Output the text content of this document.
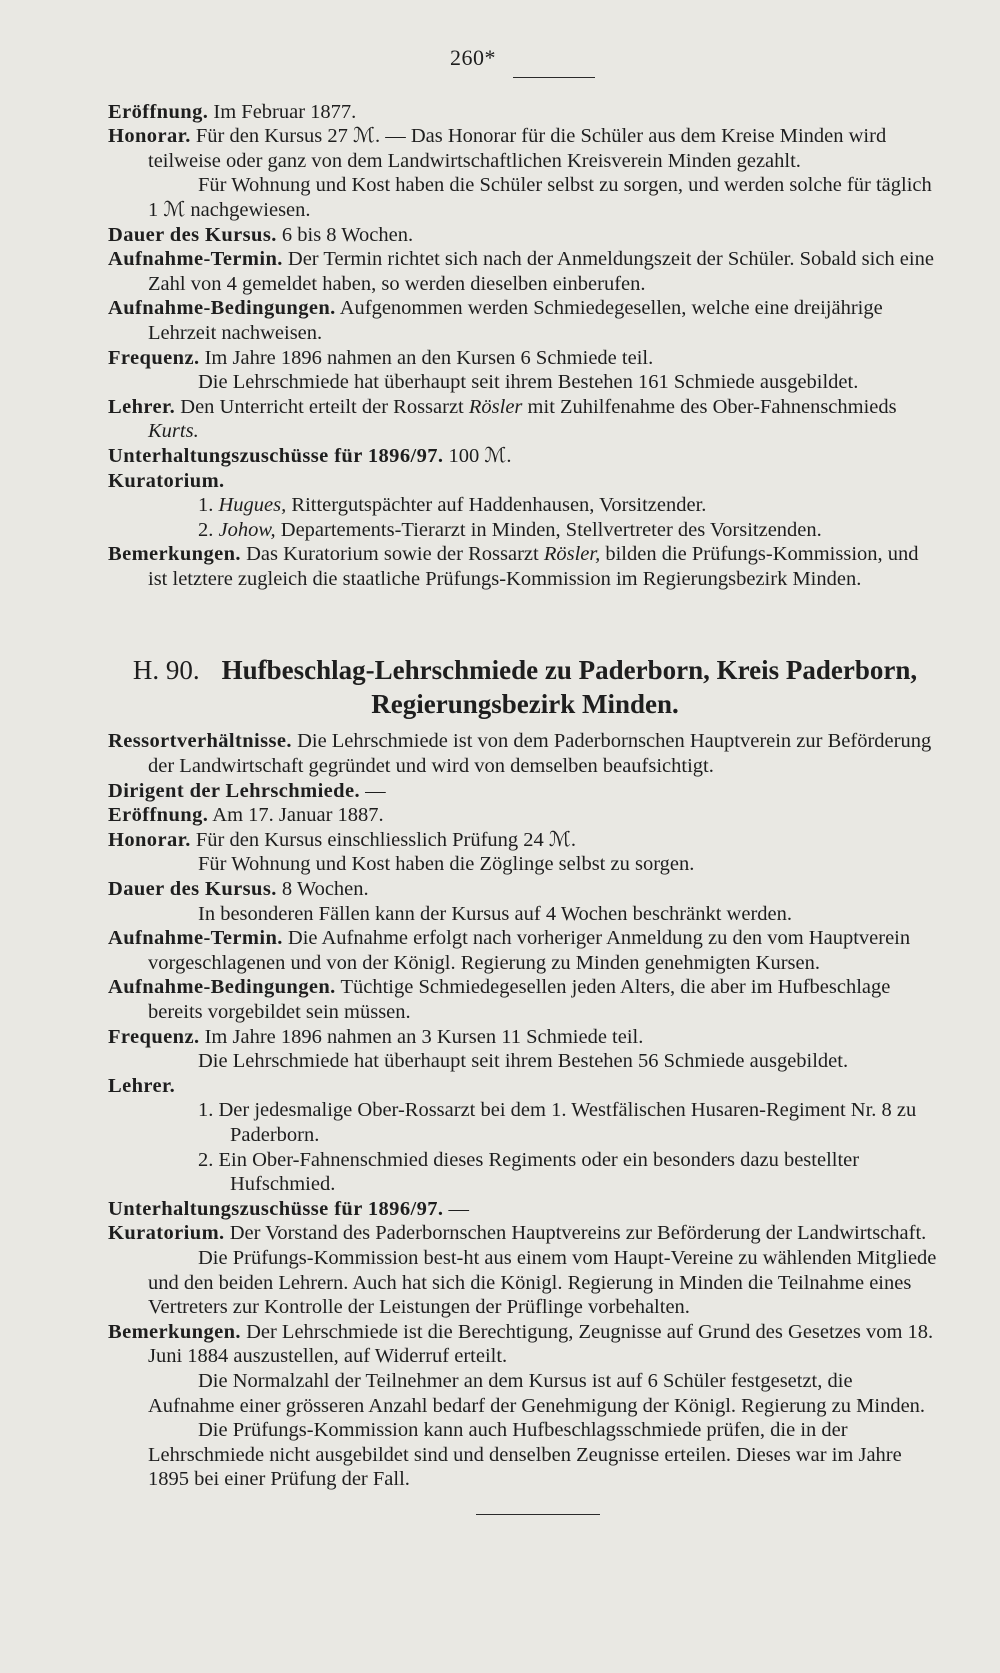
260*

Eröffnung. Im Februar 1877.

Honorar. Für den Kursus 27 ℳ. — Das Honorar für die Schüler aus dem Kreise Minden wird teilweise oder ganz von dem Landwirtschaftlichen Kreisverein Minden gezahlt.

Für Wohnung und Kost haben die Schüler selbst zu sorgen, und werden solche für täglich 1 ℳ nachgewiesen.

Dauer des Kursus. 6 bis 8 Wochen.

Aufnahme-Termin. Der Termin richtet sich nach der Anmeldungszeit der Schüler. Sobald sich eine Zahl von 4 gemeldet haben, so werden dieselben einberufen.

Aufnahme-Bedingungen. Aufgenommen werden Schmiedegesellen, welche eine dreijährige Lehrzeit nachweisen.

Frequenz. Im Jahre 1896 nahmen an den Kursen 6 Schmiede teil.

Die Lehrschmiede hat überhaupt seit ihrem Bestehen 161 Schmiede ausgebildet.

Lehrer. Den Unterricht erteilt der Rossarzt Rösler mit Zuhilfenahme des Ober-Fahnenschmieds Kurts.

Unterhaltungszuschüsse für 1896/97. 100 ℳ.

Kuratorium.

1. Hugues, Rittergutspächter auf Haddenhausen, Vorsitzender.

2. Johow, Departements-Tierarzt in Minden, Stellvertreter des Vorsitzenden.

Bemerkungen. Das Kuratorium sowie der Rossarzt Rösler, bilden die Prüfungs-Kommission, und ist letztere zugleich die staatliche Prüfungs-Kommission im Regierungsbezirk Minden.

H. 90. Hufbeschlag-Lehrschmiede zu Paderborn, Kreis Paderborn, Regierungsbezirk Minden.

Ressortverhältnisse. Die Lehrschmiede ist von dem Paderbornschen Hauptverein zur Beförderung der Landwirtschaft gegründet und wird von demselben beaufsichtigt.

Dirigent der Lehrschmiede. —

Eröffnung. Am 17. Januar 1887.

Honorar. Für den Kursus einschliesslich Prüfung 24 ℳ.

Für Wohnung und Kost haben die Zöglinge selbst zu sorgen.

Dauer des Kursus. 8 Wochen.

In besonderen Fällen kann der Kursus auf 4 Wochen beschränkt werden.

Aufnahme-Termin. Die Aufnahme erfolgt nach vorheriger Anmeldung zu den vom Hauptverein vorgeschlagenen und von der Königl. Regierung zu Minden genehmigten Kursen.

Aufnahme-Bedingungen. Tüchtige Schmiedegesellen jeden Alters, die aber im Hufbeschlage bereits vorgebildet sein müssen.

Frequenz. Im Jahre 1896 nahmen an 3 Kursen 11 Schmiede teil.

Die Lehrschmiede hat überhaupt seit ihrem Bestehen 56 Schmiede ausgebildet.

Lehrer.

1. Der jedesmalige Ober-Rossarzt bei dem 1. Westfälischen Husaren-Regiment Nr. 8 zu Paderborn.

2. Ein Ober-Fahnenschmied dieses Regiments oder ein besonders dazu bestellter Hufschmied.

Unterhaltungszuschüsse für 1896/97. —

Kuratorium. Der Vorstand des Paderbornschen Hauptvereins zur Beförderung der Landwirtschaft.

Die Prüfungs-Kommission best-ht aus einem vom Haupt-Vereine zu wählenden Mitgliede und den beiden Lehrern. Auch hat sich die Königl. Regierung in Minden die Teilnahme eines Vertreters zur Kontrolle der Leistungen der Prüflinge vorbehalten.

Bemerkungen. Der Lehrschmiede ist die Berechtigung, Zeugnisse auf Grund des Gesetzes vom 18. Juni 1884 auszustellen, auf Widerruf erteilt.

Die Normalzahl der Teilnehmer an dem Kursus ist auf 6 Schüler festgesetzt, die Aufnahme einer grösseren Anzahl bedarf der Genehmigung der Königl. Regierung zu Minden.

Die Prüfungs-Kommission kann auch Hufbeschlagsschmiede prüfen, die in der Lehrschmiede nicht ausgebildet sind und denselben Zeugnisse erteilen. Dieses war im Jahre 1895 bei einer Prüfung der Fall.
